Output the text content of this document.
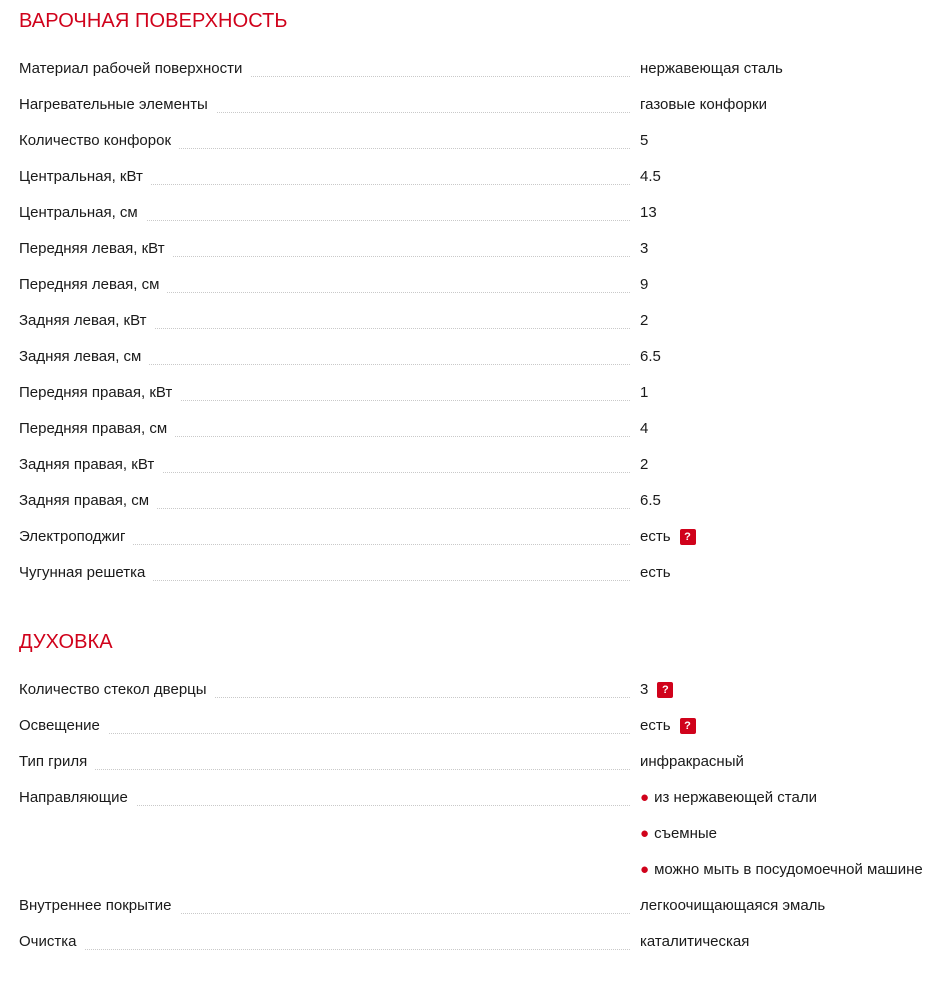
ВАРОЧНАЯ ПОВЕРХНОСТЬ
Материал рабочей поверхности	нержавеющая сталь
Нагревательные элементы	газовые конфорки
Количество конфорок	5
Центральная, кВт	4.5
Центральная, см	13
Передняя левая, кВт	3
Передняя левая, см	9
Задняя левая, кВт	2
Задняя левая, см	6.5
Передняя правая, кВт	1
Передняя правая, см	4
Задняя правая, кВт	2
Задняя правая, см	6.5
Электроподжиг	есть	?
Чугунная решетка	есть
ДУХОВКА
Количество стекол дверцы	3	?
Освещение	есть	?
Тип гриля	инфракрасный
Направляющие	● из нержавеющей стали
● съемные
● можно мыть в посудомоечной машине
Внутреннее покрытие	легкоочищающаяся эмаль
Очистка	каталитическая
